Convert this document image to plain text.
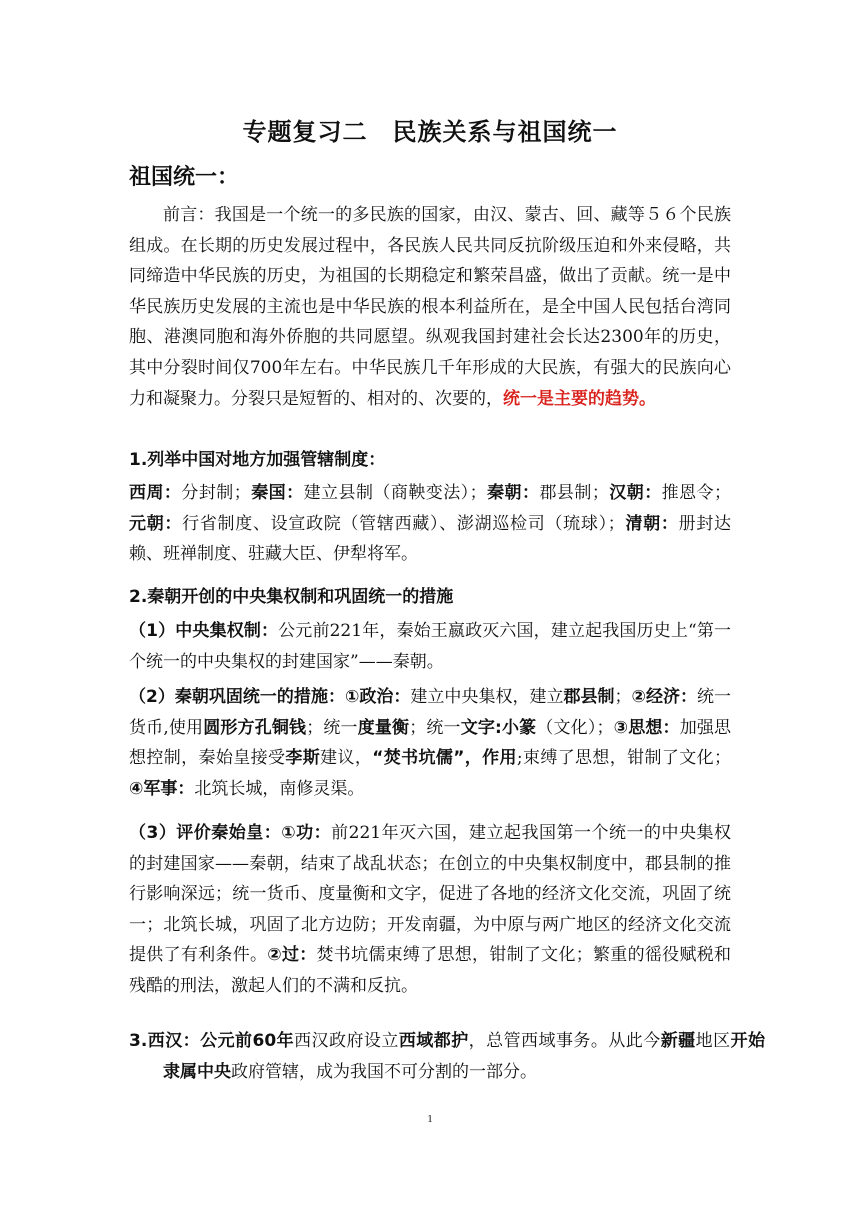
专题复习二　民族关系与祖国统一
祖国统一：
前言：我国是一个统一的多民族的国家，由汉、蒙古、回、藏等５６个民族组成。在长期的历史发展过程中，各民族人民共同反抗阶级压迫和外来侵略，共同缔造中华民族的历史，为祖国的长期稳定和繁荣昌盛，做出了贡献。统一是中华民族历史发展的主流也是中华民族的根本利益所在，是全中国人民包括台湾同胞、港澳同胞和海外侨胞的共同愿望。纵观我国封建社会长达2300年的历史，其中分裂时间仅700年左右。中华民族几千年形成的大民族，有强大的民族向心力和凝聚力。分裂只是短暂的、相对的、次要的，统一是主要的趋势。
1.列举中国对地方加强管辖制度：
西周：分封制；秦国：建立县制（商鞅变法）；秦朝：郡县制；汉朝：推恩令；元朝：行省制度、设宣政院（管辖西藏）、澎湖巡检司（琉球）；清朝：册封达赖、班禅制度、驻藏大臣、伊犁将军。
2.秦朝开创的中央集权制和巩固统一的措施
（1）中央集权制：公元前221年，秦始王嬴政灭六国，建立起我国历史上“第一个统一的中央集权的封建国家”——秦朝。
（2）秦朝巩固统一的措施：①政治：建立中央集权，建立郡县制；②经济：统一货币,使用圆形方孔铜钱；统一度量衡；统一文字:小篆（文化）；③思想：加强思想控制，秦始皇接受李斯建议，“焚书坑儒”，作用;束缚了思想，钳制了文化；④军事：北筑长城，南修灵渠。
（3）评价秦始皇：①功：前221年灭六国，建立起我国第一个统一的中央集权的封建国家——秦朝，结束了战乱状态；在创立的中央集权制度中，郡县制的推行影响深远；统一货币、度量衡和文字，促进了各地的经济文化交流，巩固了统一；北筑长城，巩固了北方边防；开发南疆，为中原与两广地区的经济文化交流提供了有利条件。②过：焚书坑儒束缚了思想，钳制了文化；繁重的徭役赋税和残酷的刑法，激起人们的不满和反抗。
3.西汉：公元前60年西汉政府设立西域都护，总管西域事务。从此今新疆地区开始隶属中央政府管辖，成为我国不可分割的一部分。
1
